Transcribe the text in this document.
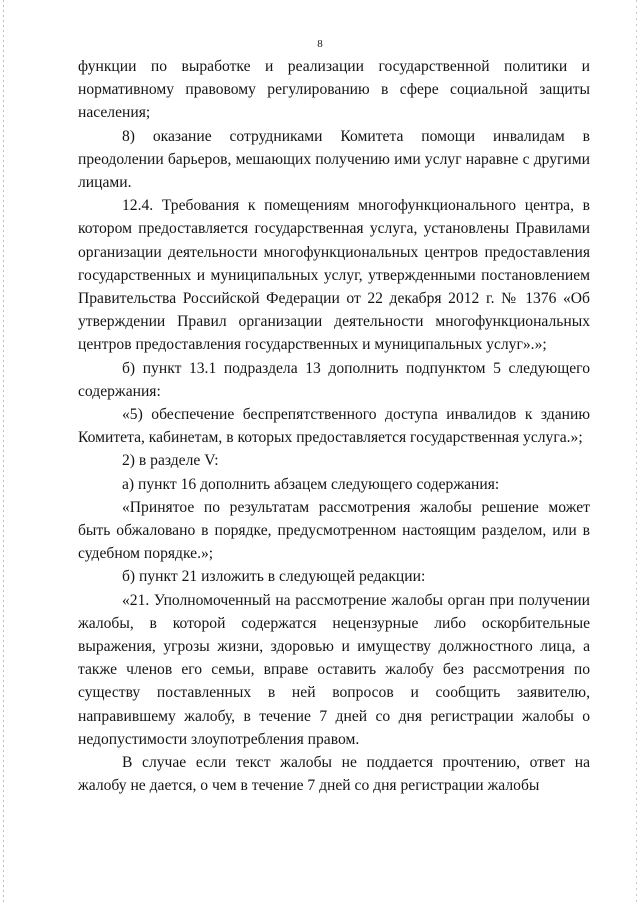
8

функции по выработке и реализации государственной политики и нормативному правовому регулированию в сфере социальной защиты населения;

8) оказание сотрудниками Комитета помощи инвалидам в преодолении барьеров, мешающих получению ими услуг наравне с другими лицами.

12.4. Требования к помещениям многофункционального центра, в котором предоставляется государственная услуга, установлены Правилами организации деятельности многофункциональных центров предоставления государственных и муниципальных услуг, утвержденными постановлением Правительства Российской Федерации от 22 декабря 2012 г. № 1376 «Об утверждении Правил организации деятельности многофункциональных центров предоставления государственных и муниципальных услуг».»;

б) пункт 13.1 подраздела 13 дополнить подпунктом 5 следующего содержания:

«5) обеспечение беспрепятственного доступа инвалидов к зданию Комитета, кабинетам, в которых предоставляется государственная услуга.»;

2) в разделе V:

а) пункт 16 дополнить абзацем следующего содержания:

«Принятое по результатам рассмотрения жалобы решение может быть обжаловано в порядке, предусмотренном настоящим разделом, или в судебном порядке.»;

б) пункт 21 изложить в следующей редакции:

«21. Уполномоченный на рассмотрение жалобы орган при получении жалобы, в которой содержатся нецензурные либо оскорбительные выражения, угрозы жизни, здоровью и имуществу должностного лица, а также членов его семьи, вправе оставить жалобу без рассмотрения по существу поставленных в ней вопросов и сообщить заявителю, направившему жалобу, в течение 7 дней со дня регистрации жалобы о недопустимости злоупотребления правом.

В случае если текст жалобы не поддается прочтению, ответ на жалобу не дается, о чем в течение 7 дней со дня регистрации жалобы
